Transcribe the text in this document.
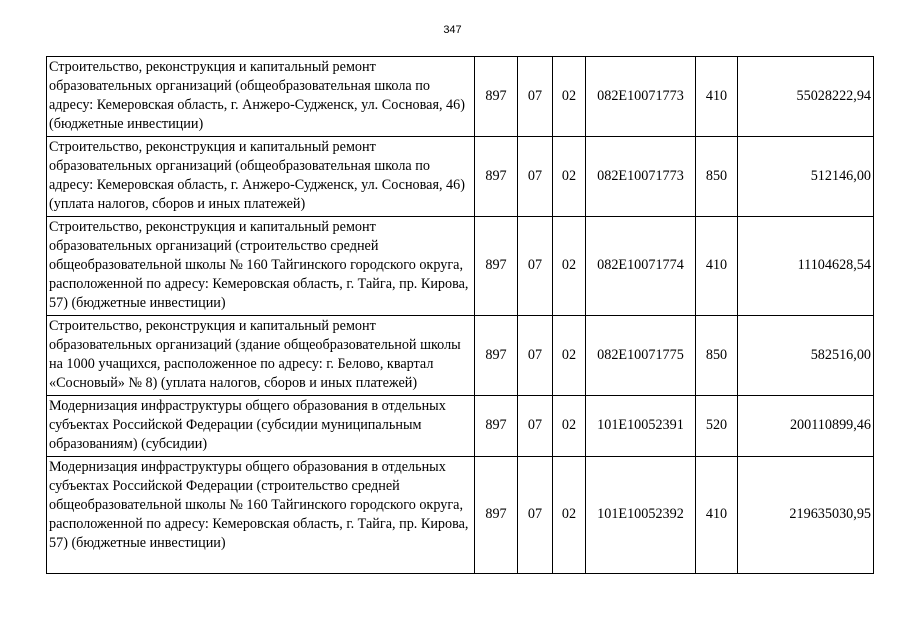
347
Строительство, реконструкция и капитальный ремонт образовательных организаций (общеобразовательная школа по адресу: Кемеровская область, г. Анжеро-Судженск, ул. Сосновая, 46) (бюджетные инвестиции)	897	07	02	082Е10071773	410	55028222,94
Строительство, реконструкция и капитальный ремонт образовательных организаций (общеобразовательная школа по адресу: Кемеровская область, г. Анжеро-Судженск, ул. Сосновая, 46) (уплата налогов, сборов и иных платежей)	897	07	02	082Е10071773	850	512146,00
Строительство, реконструкция и капитальный ремонт образовательных организаций (строительство средней общеобразовательной школы № 160 Тайгинского городского округа, расположенной по адресу: Кемеровская область, г. Тайга, пр. Кирова, 57) (бюджетные инвестиции)	897	07	02	082Е10071774	410	11104628,54
Строительство, реконструкция и капитальный ремонт образовательных организаций (здание общеобразовательной школы на 1000 учащихся, расположенное по адресу: г. Белово, квартал «Сосновый» № 8) (уплата налогов, сборов и иных платежей)	897	07	02	082Е10071775	850	582516,00
Модернизация инфраструктуры общего образования в отдельных субъектах Российской Федерации (субсидии муниципальным образованиям) (субсидии)	897	07	02	101Е10052391	520	200110899,46
Модернизация инфраструктуры общего образования в отдельных субъектах Российской Федерации (строительство средней общеобразовательной школы № 160 Тайгинского городского округа, расположенной по адресу: Кемеровская область, г. Тайга, пр. Кирова, 57) (бюджетные инвестиции)	897	07	02	101Е10052392	410	219635030,95
